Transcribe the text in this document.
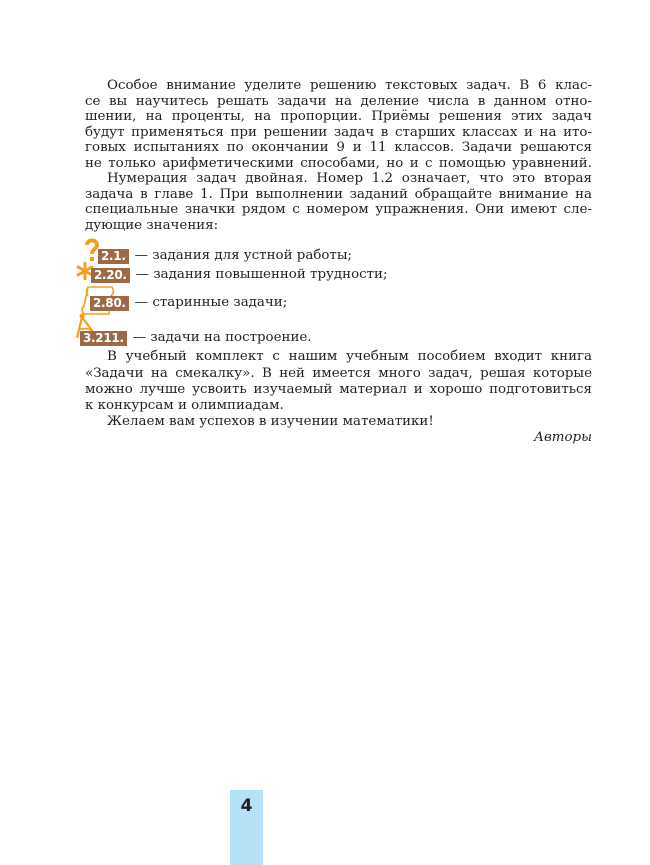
Особое внимание уделите решению текстовых задач. В 6 клас-
се вы научитесь решать задачи на деление числа в данном отно-
шении, на проценты, на пропорции. Приёмы решения этих задач
будут применяться при решении задач в старших классах и на ито-
говых испытаниях по окончании 9 и 11 классов. Задачи решаются
не только арифметическими способами, но и с помощью уравнений.
Нумерация задач двойная. Номер 1.2 означает, что это вторая
задача в главе 1. При выполнении заданий обращайте внимание на
специальные значки рядом с номером упражнения. Они имеют сле-
дующие значения:
2.1. — задания для устной работы;
2.20. — задания повышенной трудности;
2.80. — старинные задачи;
3.211. — задачи на построение.
В учебный комплект с нашим учебным пособием входит книга
«Задачи на смекалку». В ней имеется много задач, решая которые
можно лучше усвоить изучаемый материал и хорошо подготовиться
к конкурсам и олимпиадам.
Желаем вам успехов в изучении математики!
Авторы
4
